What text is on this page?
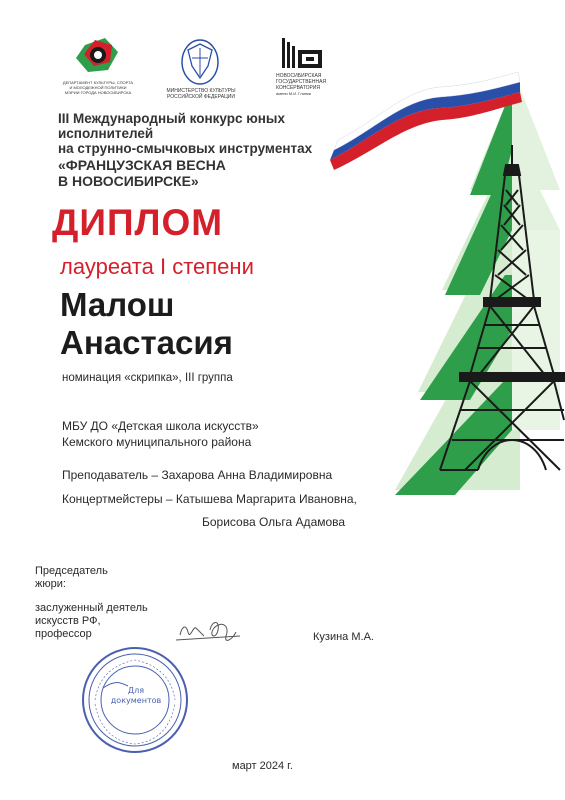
ДЕПАРТАМЕНТ КУЛЬТУРЫ, СПОРТА
И МОЛОДЕЖНОЙ ПОЛИТИКИ
МЭРИИ ГОРОДА НОВОСИБИРСКА	МИНИСТЕРСТВО КУЛЬТУРЫ
РОССИЙСКОЙ ФЕДЕРАЦИИ
НОВОСИБИРСКАЯ
ГОСУДАРСТВЕННАЯ
КОНСЕРВАТОРИЯ
имени М.И. Глинки
III Международный конкурс юных исполнителей
на струнно-смычковых инструментах
«ФРАНЦУЗСКАЯ ВЕСНА
В НОВОСИБИРСКЕ»
ДИПЛОМ
лауреата I степени
Малош
Анастасия
номинация «скрипка», III группа
МБУ ДО «Детская школа искусств»
Кемского муниципального района
Преподаватель – Захарова Анна Владимировна
Концертмейстеры – Катышева Маргарита Ивановна,
Борисова Ольга Адамова
Председатель
жюри:
заслуженный деятель
искусств РФ,
профессор	Кузина М.А.
Для
документов
март 2024 г.
